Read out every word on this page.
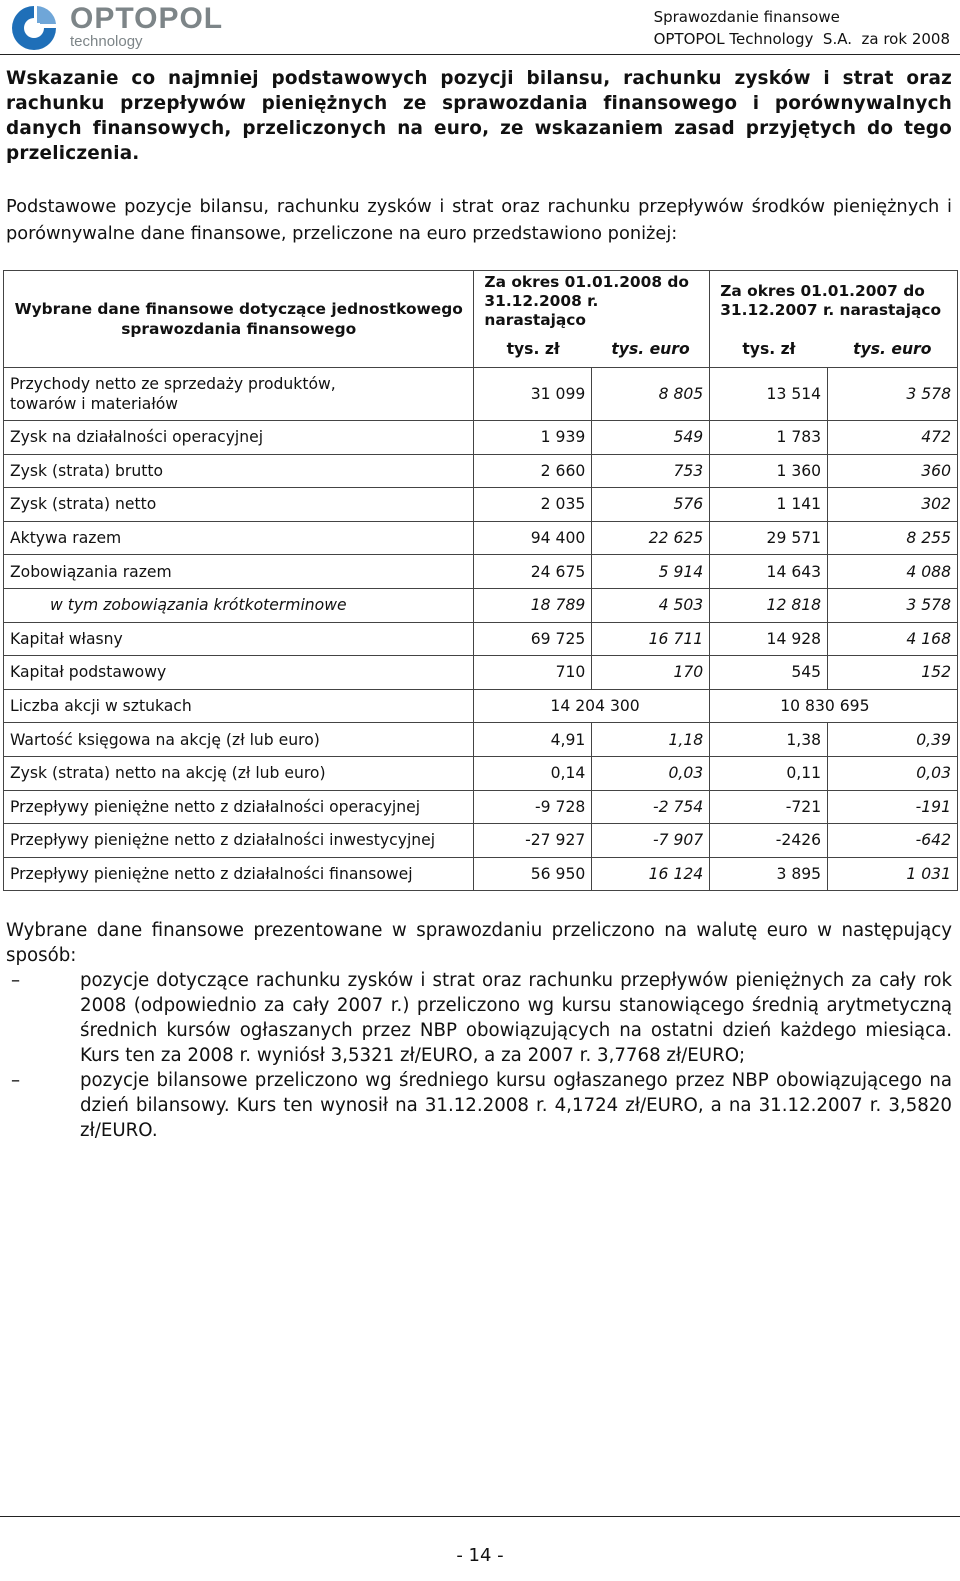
OPTOPOL
technology
Sprawozdanie finansowe
OPTOPOL Technology  S.A.  za rok 2008
Wskazanie co najmniej podstawowych pozycji bilansu, rachunku zysków i strat oraz rachunku przepływów pieniężnych ze sprawozdania finansowego i porównywalnych danych finansowych, przeliczonych na euro, ze wskazaniem zasad przyjętych do tego przeliczenia.
Podstawowe pozycje bilansu, rachunku zysków i strat oraz rachunku przepływów środków pieniężnych i porównywalne dane finansowe, przeliczone na euro przedstawiono poniżej:
Wybrane dane finansowe dotyczące jednostkowego sprawozdania finansowego	Za okres 01.01.2008 do 31.12.2008 r. narastająco		Za okres 01.01.2007 do 31.12.2007 r. narastająco	
	tys. zł	tys. euro	tys. zł	tys. euro
Przychody netto ze sprzedaży produktów, towarów i materiałów	31 099	8 805	13 514	3 578
Zysk na działalności operacyjnej	1 939	549	1 783	472
Zysk (strata) brutto	2 660	753	1 360	360
Zysk (strata) netto	2 035	576	1 141	302
Aktywa razem	94 400	22 625	29 571	8 255
Zobowiązania razem	24 675	5 914	14 643	4 088
w tym zobowiązania krótkoterminowe	18 789	4 503	12 818	3 578
Kapitał własny	69 725	16 711	14 928	4 168
Kapitał podstawowy	710	170	545	152
Liczba akcji w sztukach	14 204 300		10 830 695	
Wartość księgowa na akcję (zł lub euro)	4,91	1,18	1,38	0,39
Zysk (strata) netto na akcję (zł lub euro)	0,14	0,03	0,11	0,03
Przepływy pieniężne netto z działalności operacyjnej	-9 728	-2 754	-721	-191
Przepływy pieniężne netto z działalności inwestycyjnej	-27 927	-7 907	-2426	-642
Przepływy pieniężne netto z działalności finansowej	56 950	16 124	3 895	1 031
Wybrane dane finansowe prezentowane w sprawozdaniu przeliczono na walutę euro w następujący sposób:
–	pozycje dotyczące rachunku zysków i strat oraz rachunku przepływów pieniężnych za cały rok 2008 (odpowiednio za cały 2007 r.) przeliczono wg kursu stanowiącego średnią arytmetyczną średnich kursów ogłaszanych przez NBP obowiązujących na ostatni dzień każdego miesiąca. Kurs ten za 2008 r. wyniósł 3,5321 zł/EURO, a za 2007 r. 3,7768 zł/EURO;
–	pozycje bilansowe przeliczono wg średniego kursu ogłaszanego przez NBP obowiązującego na dzień bilansowy. Kurs ten wynosił na 31.12.2008 r. 4,1724 zł/EURO, a na 31.12.2007 r. 3,5820 zł/EURO.
- 14 -
